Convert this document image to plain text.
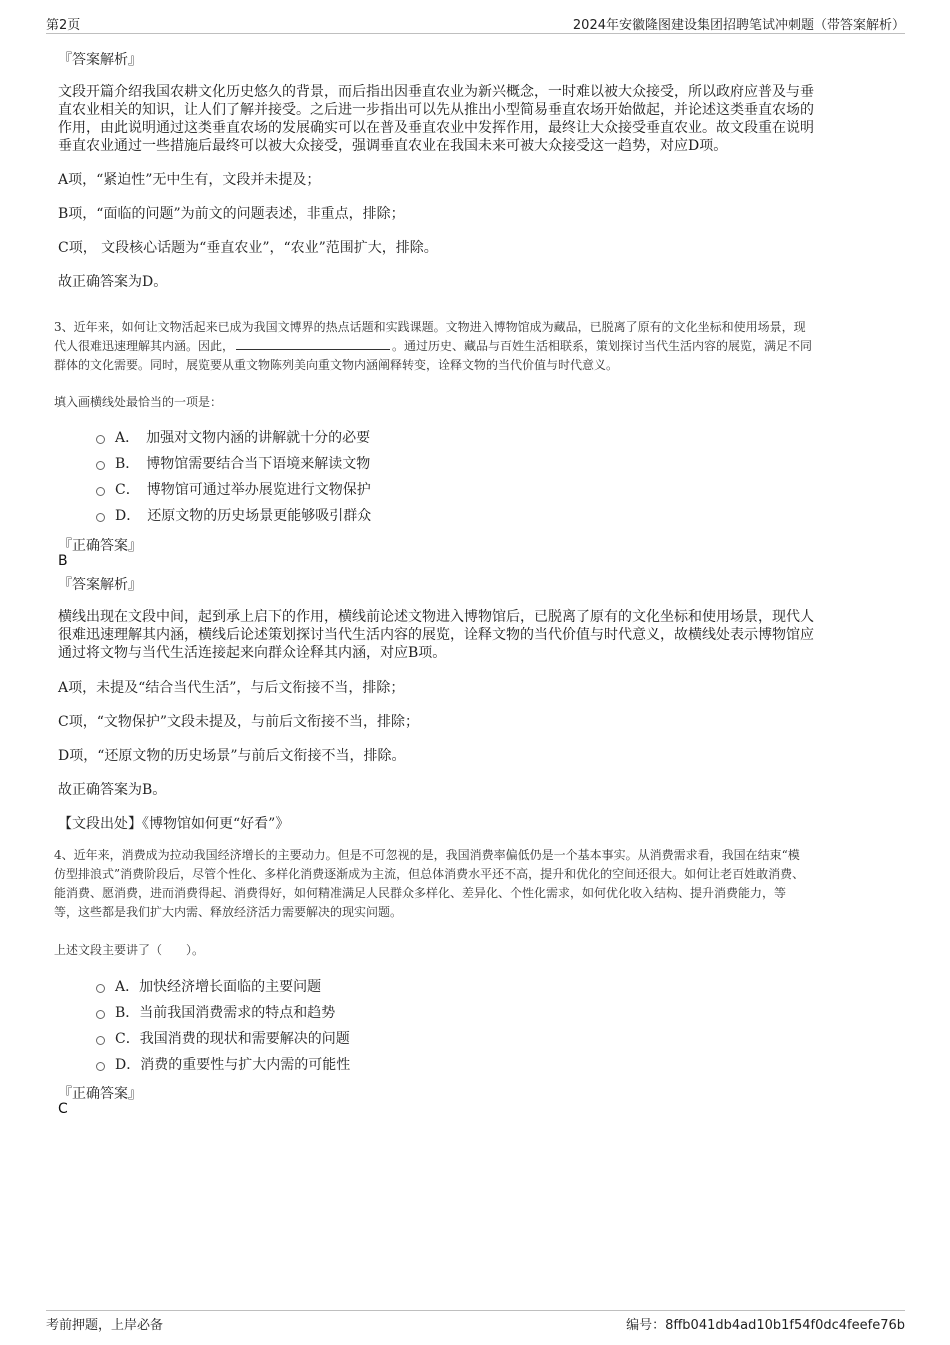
第2页	2024年安徽隆图建设集团招聘笔试冲刺题（带答案解析）
『答案解析』
文段开篇介绍我国农耕文化历史悠久的背景，而后指出因垂直农业为新兴概念，一时难以被大众接受，所以政府应普及与垂
直农业相关的知识，让人们了解并接受。之后进一步指出可以先从推出小型简易垂直农场开始做起，并论述这类垂直农场的
作用，由此说明通过这类垂直农场的发展确实可以在普及垂直农业中发挥作用，最终让大众接受垂直农业。故文段重在说明
垂直农业通过一些措施后最终可以被大众接受，强调垂直农业在我国未来可被大众接受这一趋势，对应D项。
A项，“紧迫性”无中生有，文段并未提及；
B项，“面临的问题”为前文的问题表述，非重点，排除；
C项， 文段核心话题为“垂直农业”，“农业”范围扩大，排除。
故正确答案为D。
3、近年来，如何让文物活起来已成为我国文博界的热点话题和实践课题。文物进入博物馆成为藏品，已脱离了原有的文化坐标和使用场景，现
代人很难迅速理解其内涵。因此，	。通过历史、藏品与百姓生活相联系，策划探讨当代生活内容的展览，满足不同
群体的文化需要。同时，展览要从重文物陈列美向重文物内涵阐释转变，诠释文物的当代价值与时代意义。
填入画横线处最恰当的一项是：
A．　加强对文物内涵的讲解就十分的必要
B．　博物馆需要结合当下语境来解读文物
C．　博物馆可通过举办展览进行文物保护
D．　还原文物的历史场景更能够吸引群众
『正确答案』
B
『答案解析』
横线出现在文段中间，起到承上启下的作用，横线前论述文物进入博物馆后，已脱离了原有的文化坐标和使用场景，现代人
很难迅速理解其内涵，横线后论述策划探讨当代生活内容的展览，诠释文物的当代价值与时代意义，故横线处表示博物馆应
通过将文物与当代生活连接起来向群众诠释其内涵，对应B项。
A项，未提及“结合当代生活”，与后文衔接不当，排除；
C项，“文物保护”文段未提及，与前后文衔接不当，排除；
D项，“还原文物的历史场景”与前后文衔接不当，排除。
故正确答案为B。
【文段出处】《博物馆如何更“好看”》
4、近年来，消费成为拉动我国经济增长的主要动力。但是不可忽视的是，我国消费率偏低仍是一个基本事实。从消费需求看，我国在结束“模
仿型排浪式”消费阶段后，尽管个性化、多样化消费逐渐成为主流，但总体消费水平还不高，提升和优化的空间还很大。如何让老百姓敢消费、
能消费、愿消费，进而消费得起、消费得好，如何精准满足人民群众多样化、差异化、个性化需求，如何优化收入结构、提升消费能力，等
等，这些都是我们扩大内需、释放经济活力需要解决的现实问题。
上述文段主要讲了（　　）。
A．加快经济增长面临的主要问题
B．当前我国消费需求的特点和趋势
C．我国消费的现状和需要解决的问题
D．消费的重要性与扩大内需的可能性
『正确答案』
C
考前押题，上岸必备	编号：8ffb041db4ad10b1f54f0dc4feefe76b
